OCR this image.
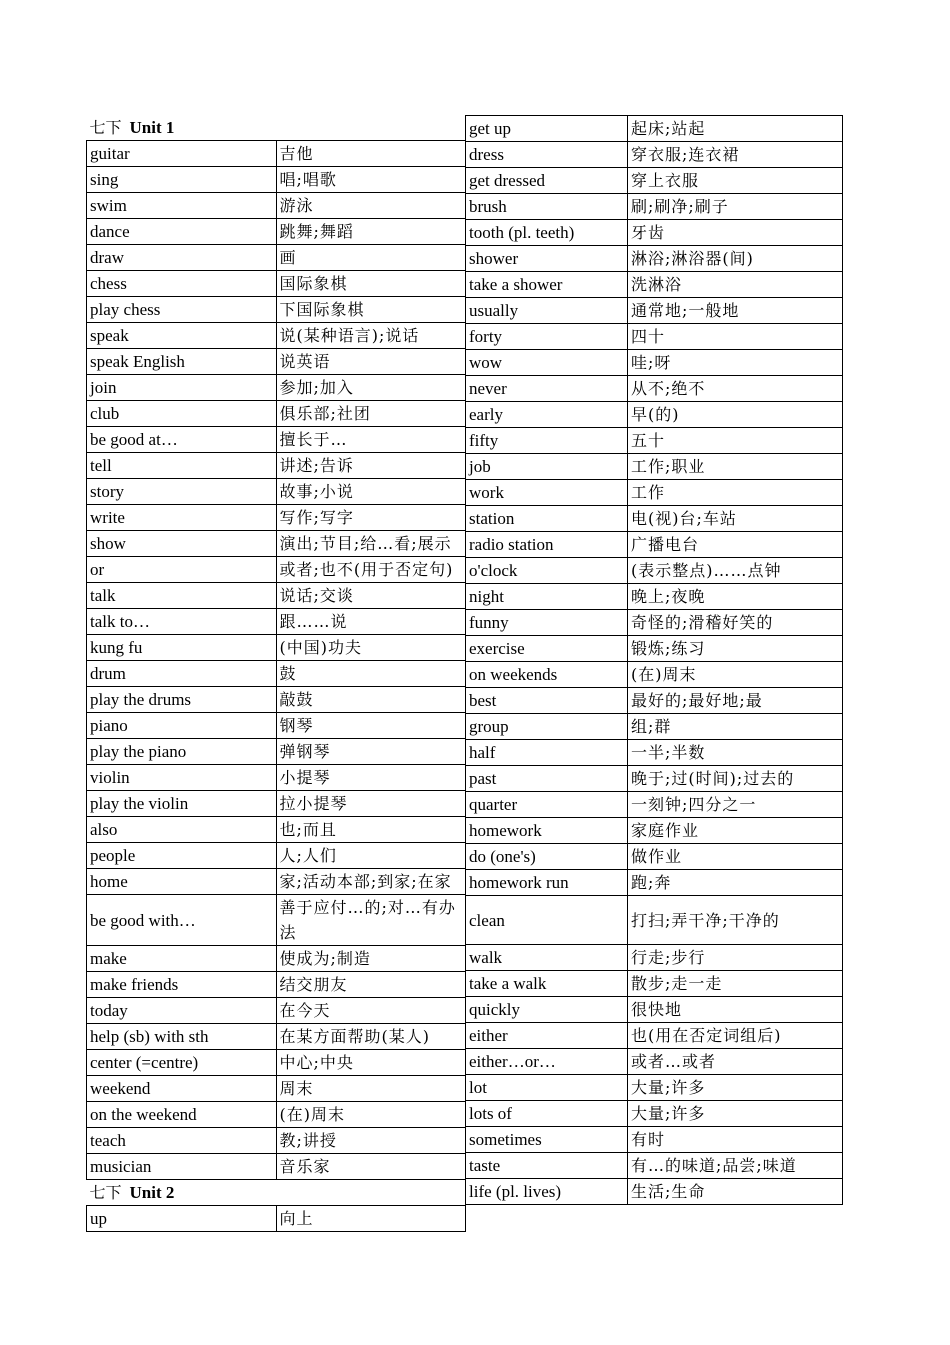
七下 Unit 1	
guitar	吉他
sing	唱;唱歌
swim	游泳
dance	跳舞;舞蹈
draw	画
chess	国际象棋
play chess	下国际象棋
speak	说(某种语言);说话
speak English	说英语
join	参加;加入
club	俱乐部;社团
be good at…	擅长于…
tell	讲述;告诉
story	故事;小说
write	写作;写字
show	演出;节目;给…看;展示
or	或者;也不(用于否定句)
talk	说话;交谈
talk to…	跟……说
kung fu	(中国)功夫
drum	鼓
play the drums	敲鼓
piano	钢琴
play the piano	弹钢琴
violin	小提琴
play the violin	拉小提琴
also	也;而且
people	人;人们
home	家;活动本部;到家;在家
be good with…	善于应付…的;对…有办法
make	使成为;制造
make friends	结交朋友
today	在今天
help (sb) with sth	在某方面帮助(某人)
center (=centre)	中心;中央
weekend	周末
on the weekend	(在)周末
teach	教;讲授
musician	音乐家
七下 Unit 2	
up	向上
get up	起床;站起
dress	穿衣服;连衣裙
get dressed	穿上衣服
brush	刷;刷净;刷子
tooth (pl. teeth)	牙齿
shower	淋浴;淋浴器(间)
take a shower	洗淋浴
usually	通常地;一般地
forty	四十
wow	哇;呀
never	从不;绝不
early	早(的)
fifty	五十
job	工作;职业
work	工作
station	电(视)台;车站
radio station	广播电台
o'clock	(表示整点)……点钟
night	晚上;夜晚
funny	奇怪的;滑稽好笑的
exercise	锻炼;练习
on weekends	(在)周末
best	最好的;最好地;最
group	组;群
half	一半;半数
past	晚于;过(时间);过去的
quarter	一刻钟;四分之一
homework	家庭作业
do (one's)	做作业
homework run	跑;奔
clean	打扫;弄干净;干净的
walk	行走;步行
take a walk	散步;走一走
quickly	很快地
either	也(用在否定词组后)
either…or…	或者…或者
lot	大量;许多
lots of	大量;许多
sometimes	有时
taste	有…的味道;品尝;味道
life (pl. lives)	生活;生命
